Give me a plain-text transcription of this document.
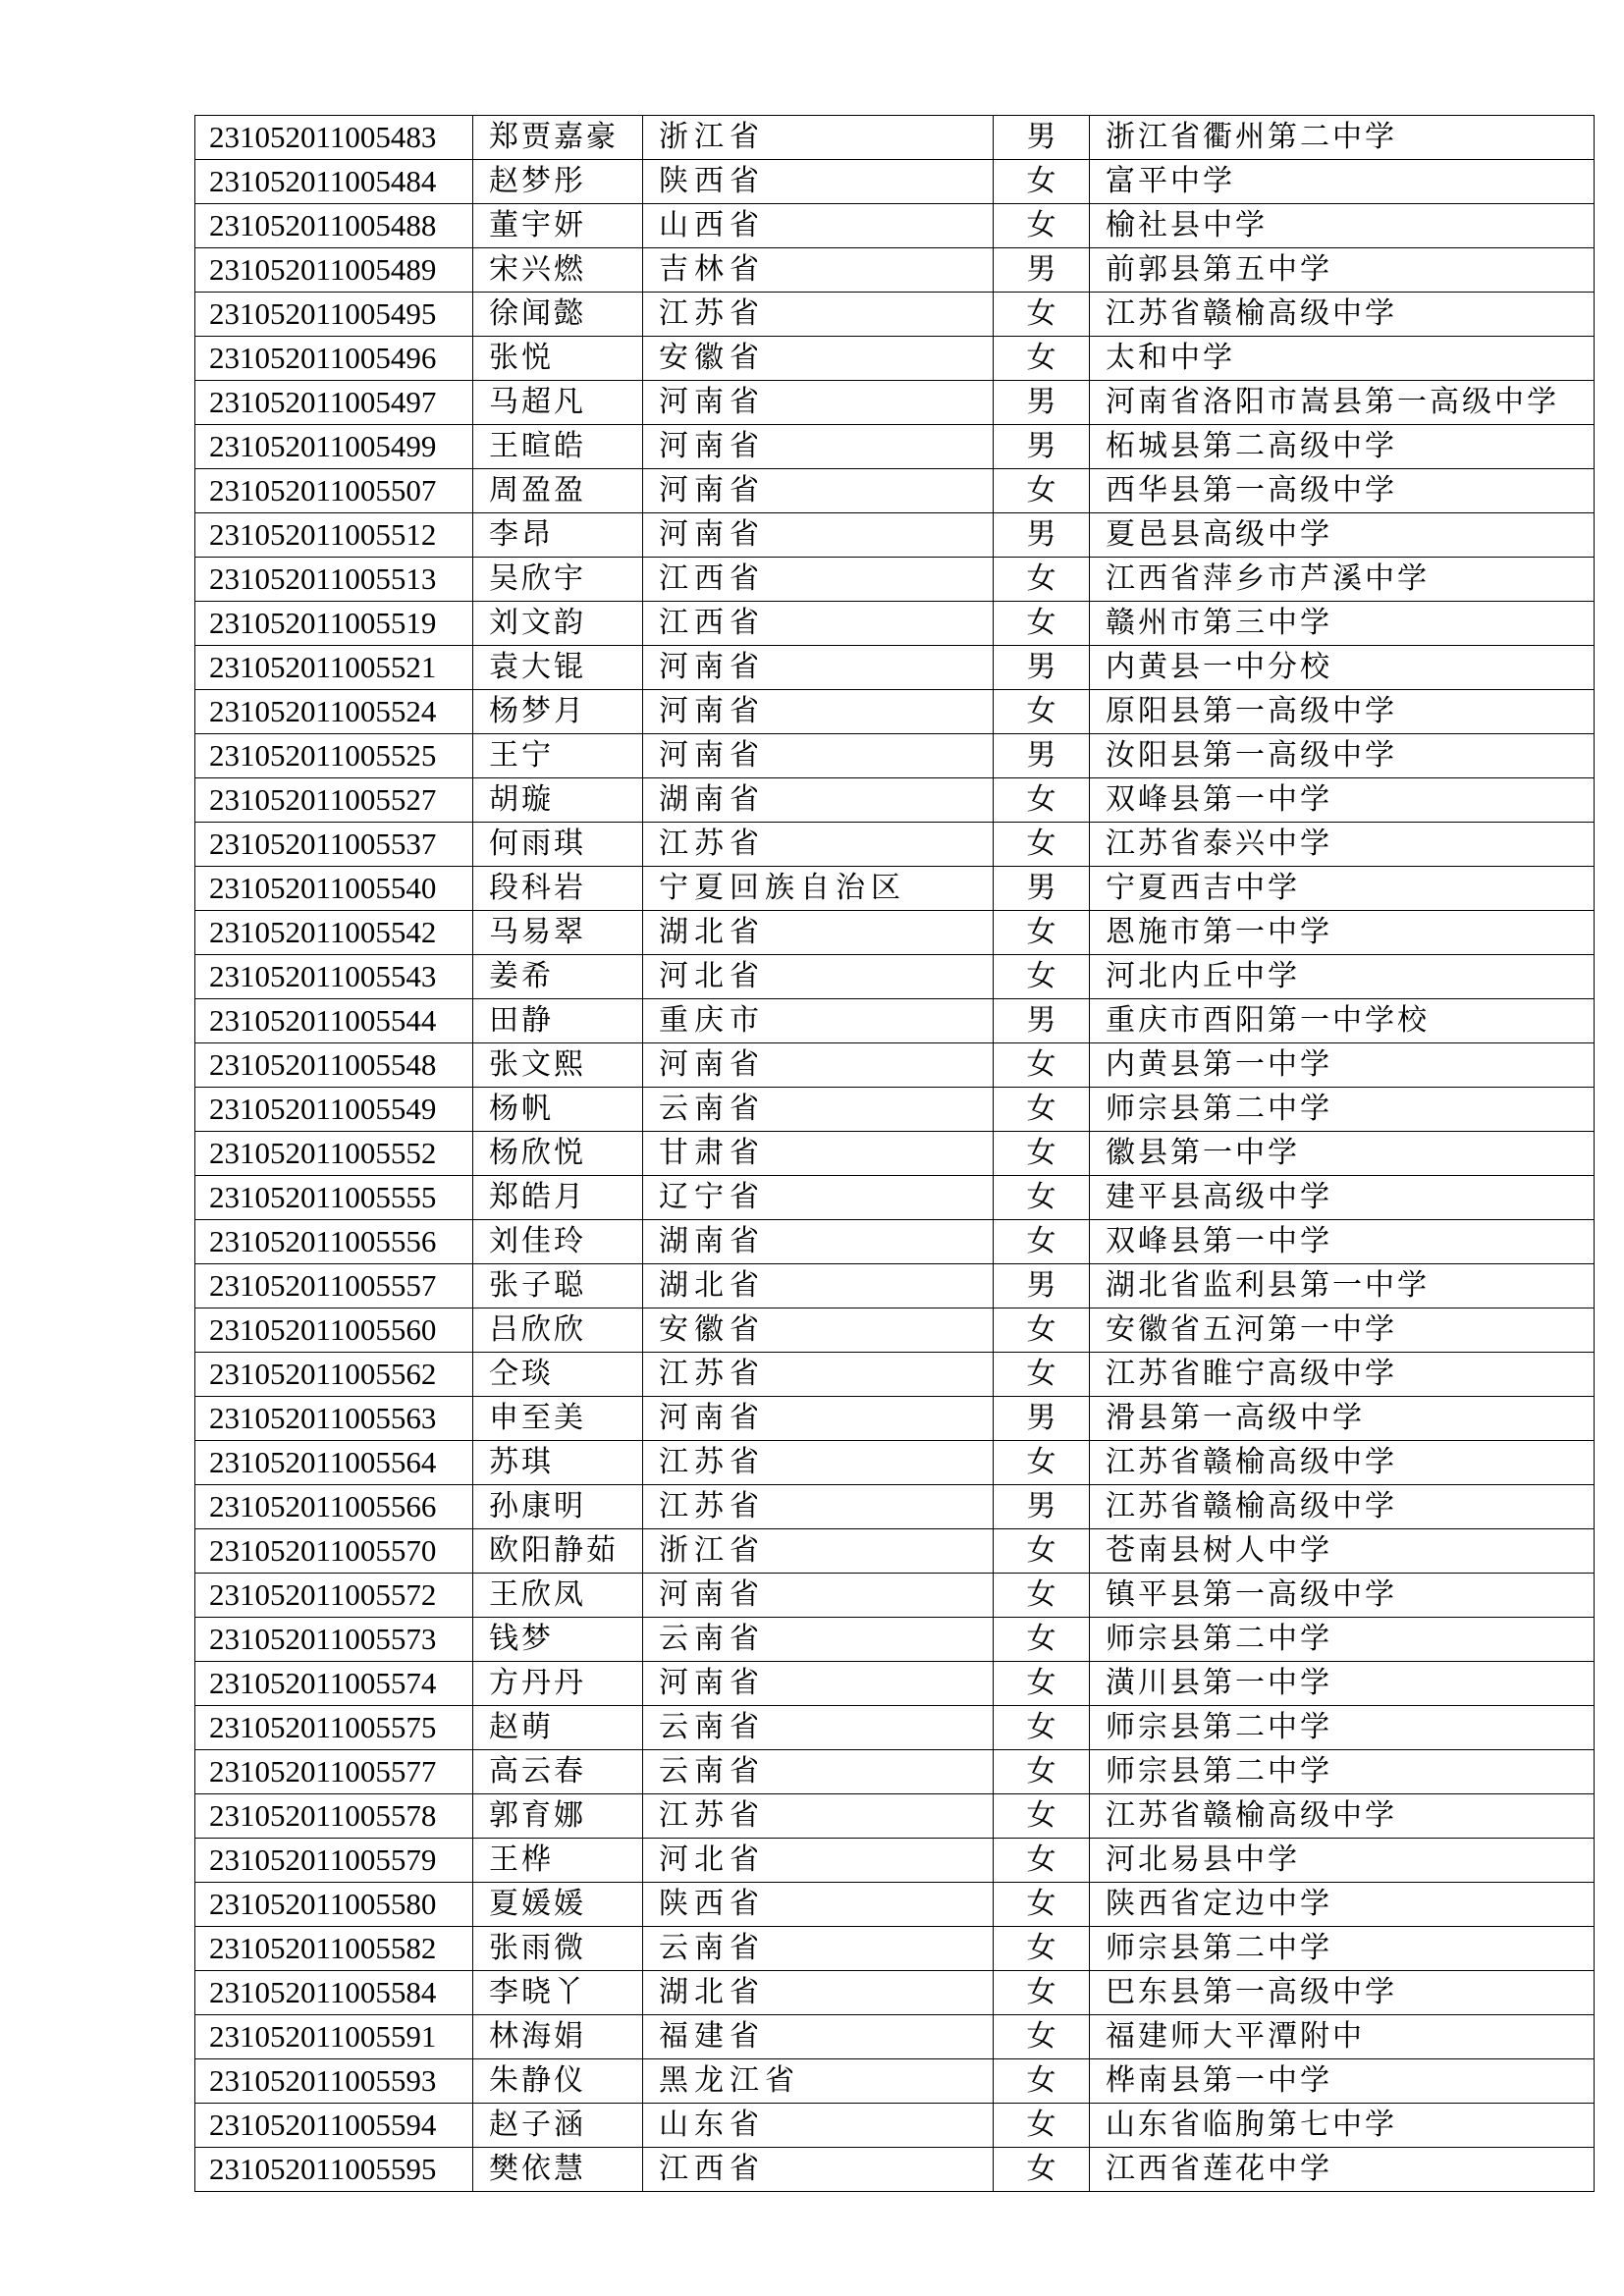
231052011005483	郑贾嘉豪	浙江省	男	浙江省衢州第二中学
231052011005484	赵梦彤	陕西省	女	富平中学
231052011005488	董宇妍	山西省	女	榆社县中学
231052011005489	宋兴燃	吉林省	男	前郭县第五中学
231052011005495	徐闻懿	江苏省	女	江苏省赣榆高级中学
231052011005496	张悦	安徽省	女	太和中学
231052011005497	马超凡	河南省	男	河南省洛阳市嵩县第一高级中学
231052011005499	王暄皓	河南省	男	柘城县第二高级中学
231052011005507	周盈盈	河南省	女	西华县第一高级中学
231052011005512	李昂	河南省	男	夏邑县高级中学
231052011005513	吴欣宇	江西省	女	江西省萍乡市芦溪中学
231052011005519	刘文韵	江西省	女	赣州市第三中学
231052011005521	袁大锟	河南省	男	内黄县一中分校
231052011005524	杨梦月	河南省	女	原阳县第一高级中学
231052011005525	王宁	河南省	男	汝阳县第一高级中学
231052011005527	胡璇	湖南省	女	双峰县第一中学
231052011005537	何雨琪	江苏省	女	江苏省泰兴中学
231052011005540	段科岩	宁夏回族自治区	男	宁夏西吉中学
231052011005542	马易翠	湖北省	女	恩施市第一中学
231052011005543	姜希	河北省	女	河北内丘中学
231052011005544	田静	重庆市	男	重庆市酉阳第一中学校
231052011005548	张文熙	河南省	女	内黄县第一中学
231052011005549	杨帆	云南省	女	师宗县第二中学
231052011005552	杨欣悦	甘肃省	女	徽县第一中学
231052011005555	郑皓月	辽宁省	女	建平县高级中学
231052011005556	刘佳玲	湖南省	女	双峰县第一中学
231052011005557	张子聪	湖北省	男	湖北省监利县第一中学
231052011005560	吕欣欣	安徽省	女	安徽省五河第一中学
231052011005562	仝琰	江苏省	女	江苏省睢宁高级中学
231052011005563	申至美	河南省	男	滑县第一高级中学
231052011005564	苏琪	江苏省	女	江苏省赣榆高级中学
231052011005566	孙康明	江苏省	男	江苏省赣榆高级中学
231052011005570	欧阳静茹	浙江省	女	苍南县树人中学
231052011005572	王欣凤	河南省	女	镇平县第一高级中学
231052011005573	钱梦	云南省	女	师宗县第二中学
231052011005574	方丹丹	河南省	女	潢川县第一中学
231052011005575	赵萌	云南省	女	师宗县第二中学
231052011005577	高云春	云南省	女	师宗县第二中学
231052011005578	郭育娜	江苏省	女	江苏省赣榆高级中学
231052011005579	王桦	河北省	女	河北易县中学
231052011005580	夏媛媛	陕西省	女	陕西省定边中学
231052011005582	张雨微	云南省	女	师宗县第二中学
231052011005584	李晓丫	湖北省	女	巴东县第一高级中学
231052011005591	林海娟	福建省	女	福建师大平潭附中
231052011005593	朱静仪	黑龙江省	女	桦南县第一中学
231052011005594	赵子涵	山东省	女	山东省临朐第七中学
231052011005595	樊依慧	江西省	女	江西省莲花中学
